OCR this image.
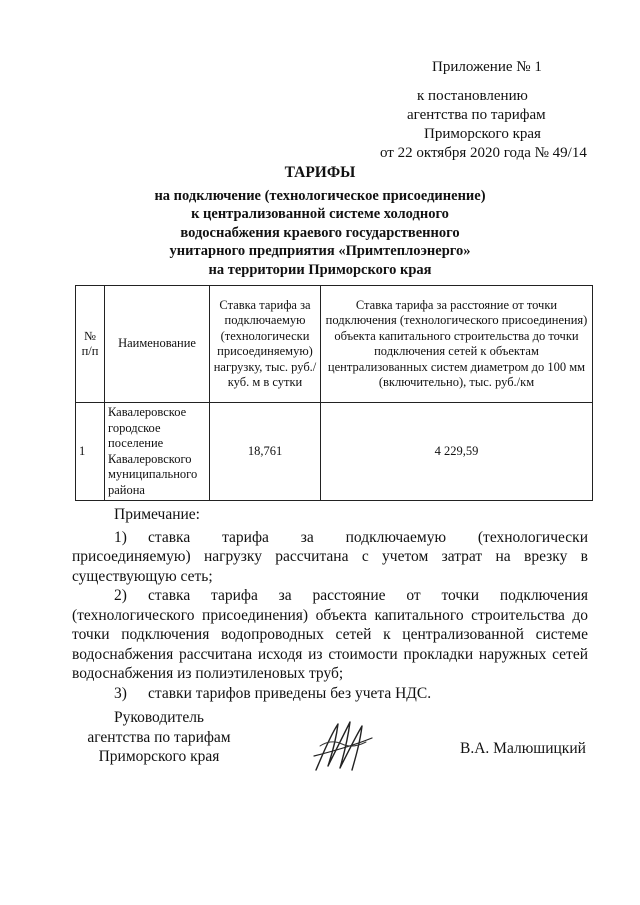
Приложение № 1
к постановлению
агентства по тарифам
Приморского края
от 22 октября 2020 года № 49/14
ТАРИФЫ
на подключение (технологическое присоединение)
к централизованной системе холодного
водоснабжения краевого государственного
унитарного предприятия «Примтеплоэнерго»
на территории Приморского края
№ п/п	Наименование	Ставка тарифа за подключаемую (технологически присоединяемую) нагрузку, тыс. руб./куб. м в сутки	Ставка тарифа за расстояние от точки подключения (технологического присоединения) объекта капитального строительства до точки подключения сетей к объектам централизованных систем диаметром до 100 мм (включительно), тыс. руб./км
1	Кавалеровское городское поселение Кавалеровского муниципального района	18,761	4 229,59
Примечание:

1) ставка тарифа за подключаемую (технологически присоединяемую) нагрузку рассчитана с учетом затрат на врезку в существующую сеть;

2) ставка тарифа за расстояние от точки подключения (технологического присоединения) объекта капитального строительства до точки подключения водопроводных сетей к централизованной системе водоснабжения рассчитана исходя из стоимости прокладки наружных сетей водоснабжения из полиэтиленовых труб;

3) ставки тарифов приведены без учета НДС.

Руководитель
агентства по тарифам
Приморского края	В.А. Малюшицкий
